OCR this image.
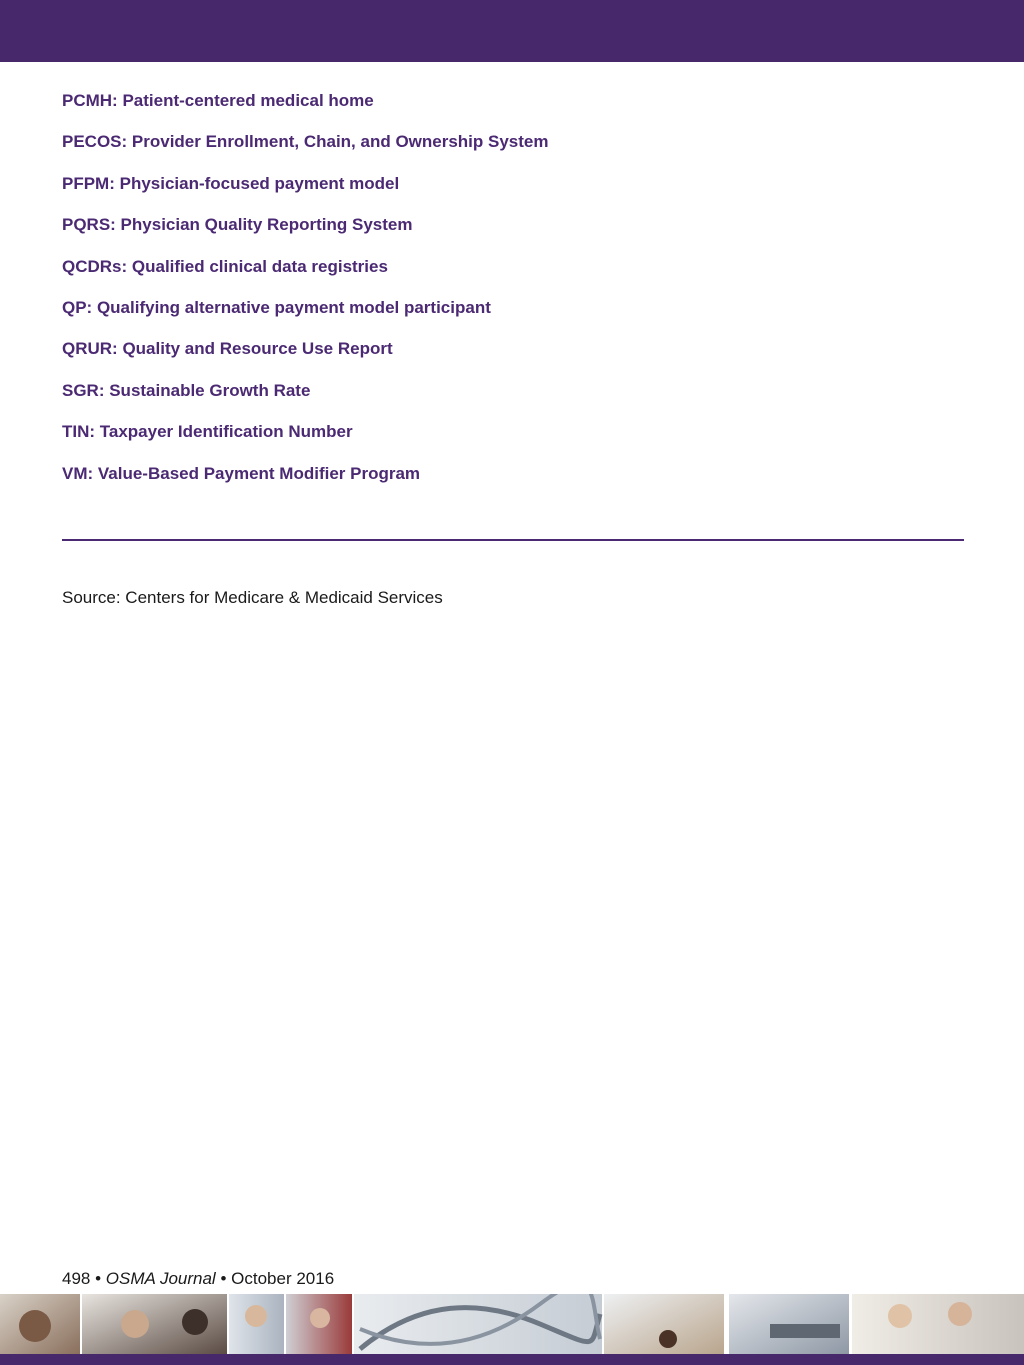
PCMH: Patient-centered medical home
PECOS: Provider Enrollment, Chain, and Ownership System
PFPM: Physician-focused payment model
PQRS: Physician Quality Reporting System
QCDRs: Qualified clinical data registries
QP: Qualifying alternative payment model participant
QRUR: Quality and Resource Use Report
SGR: Sustainable Growth Rate
TIN: Taxpayer Identification Number
VM: Value-Based Payment Modifier Program
Source: Centers for Medicare & Medicaid Services
498 • OSMA Journal • October 2016
